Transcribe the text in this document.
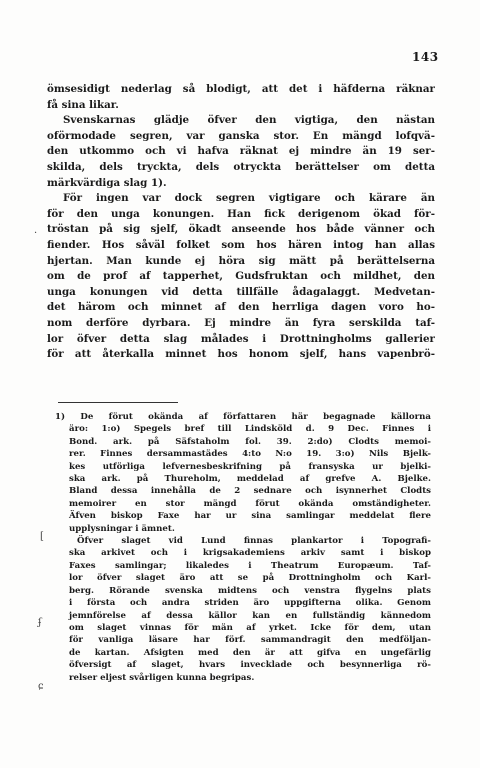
143
ömsesidigt nederlag så blodigt, att det i häfderna räknar
få sina likar.
Svenskarnas glädje öfver den vigtiga, den nästan
oförmodade segren, var ganska stor. En mängd lofqvä-
den utkommo och vi hafva räknat ej mindre än 19 ser-
skilda, dels tryckta, dels otryckta berättelser om detta
märkvärdiga slag 1).
För ingen var dock segren vigtigare och kärare än
för den unga konungen. Han fick derigenom ökad för-
tröstan på sig sjelf, ökadt anseende hos både vänner och
fiender. Hos såväl folket som hos hären intog han allas
hjertan. Man kunde ej höra sig mätt på berättelserna
om de prof af tapperhet, Gudsfruktan och mildhet, den
unga konungen vid detta tillfälle ådagalaggt. Medvetan-
det härom och minnet af den herrliga dagen voro ho-
nom derföre dyrbara. Ej mindre än fyra serskilda taf-
lor öfver detta slag målades i Drottningholms gallerier
för att återkalla minnet hos honom sjelf, hans vapenbrö-
1) De förut okända af författaren här begagnade källorna
äro: 1:o) Spegels bref till Lindsköld d. 9 Dec. Finnes i
Bond. ark. på Säfstaholm fol. 39. 2:do) Clodts memoi-
rer. Finnes dersammastädes 4:to N:o 19. 3:o) Nils Bjelk-
kes utförliga lefvernesbeskrifning på fransyska ur bjelki-
ska ark. på Thureholm, meddelad af grefve A. Bjelke.
Bland dessa innehålla de 2 sednare och isynnerhet Clodts
memoirer en stor mängd förut okända omständigheter.
Äfven biskop Faxe har ur sina samlingar meddelat flere
upplysningar i ämnet.
Öfver slaget vid Lund finnas plankartor i Topografi-
ska arkivet och i krigsakademiens arkiv samt i biskop
Faxes samlingar; likaledes i Theatrum Europæum. Taf-
lor öfver slaget äro att se på Drottningholm och Karl-
berg. Rörande svenska midtens och venstra flygelns plats
i första och andra striden äro uppgifterna olika. Genom
jemnförelse af dessa källor kan en fullständig kännedom
om slaget vinnas för män af yrket. Icke för dem, utan
för vanliga läsare har förf. sammandragit den medföljan-
de kartan. Afsigten med den är att gifva en ungefärlig
öfversigt af slaget, hvars invecklade och besynnerliga rö-
relser eljest svårligen kunna begripas.
·
[
ʄ
ɕ
